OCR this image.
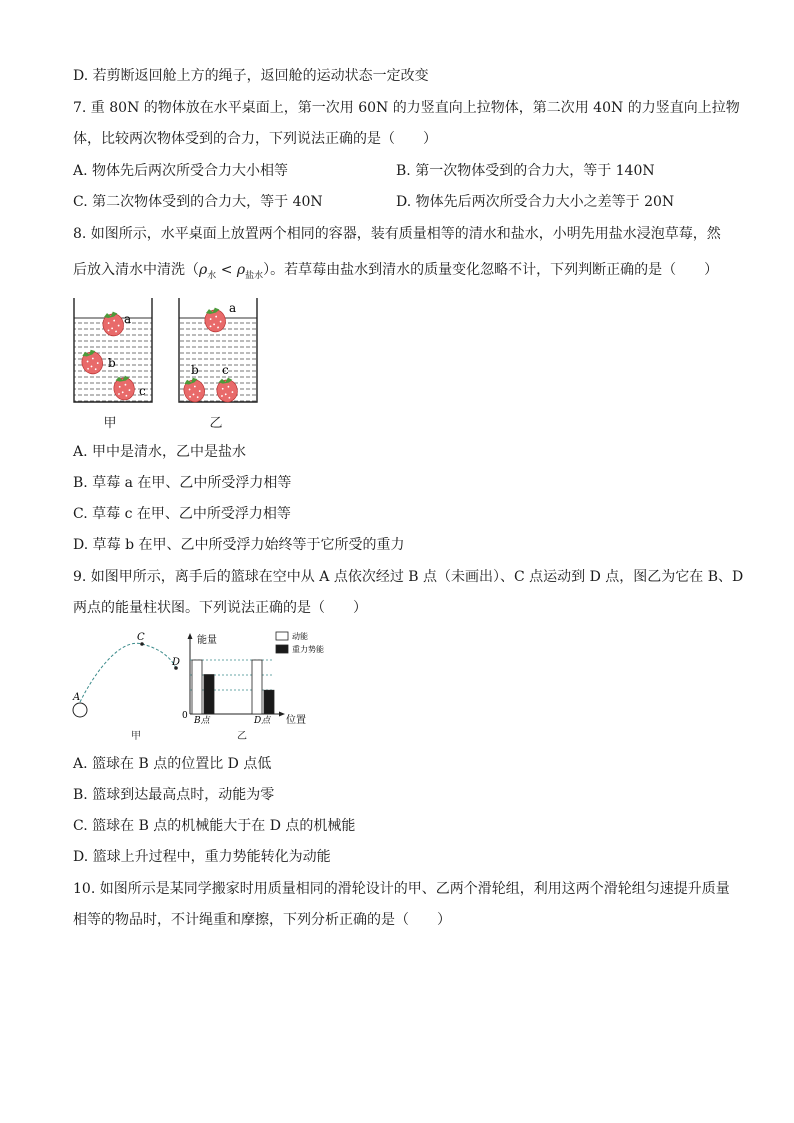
D. 若剪断返回舱上方的绳子，返回舱的运动状态一定改变
7. 重 80N 的物体放在水平桌面上，第一次用 60N 的力竖直向上拉物体，第二次用 40N 的力竖直向上拉物
体，比较两次物体受到的合力，下列说法正确的是（　　）
A. 物体先后两次所受合力大小相等	B. 第一次物体受到的合力大，等于 140N
C. 第二次物体受到的合力大，等于 40N	D. 物体先后两次所受合力大小之差等于 20N
8. 如图所示，水平桌面上放置两个相同的容器，装有质量相等的清水和盐水，小明先用盐水浸泡草莓，然
后放入清水中清洗$(\rho_水 < \rho_{盐水})$。若草莓由盐水到清水的质量变化忽略不计，下列判断正确的是（　　）
a
b
c
a
b c
甲	乙
A. 甲中是清水，乙中是盐水
B. 草莓 a 在甲、乙中所受浮力相等
C. 草莓 c 在甲、乙中所受浮力相等
D. 草莓 b 在甲、乙中所受浮力始终等于它所受的重力
9. 如图甲所示，离手后的篮球在空中从 A 点依次经过 B 点（未画出）、C 点运动到 D 点，图乙为它在 B、D
两点的能量柱状图。下列说法正确的是（　　）
A
C
D
甲
B点	D点
能量
0	位置
动能
重力势能
乙
A. 篮球在 B 点的位置比 D 点低
B. 篮球到达最高点时，动能为零
C. 篮球在 B 点的机械能大于在 D 点的机械能
D. 篮球上升过程中，重力势能转化为动能
10. 如图所示是某同学搬家时用质量相同的滑轮设计的甲、乙两个滑轮组，利用这两个滑轮组匀速提升质量
相等的物品时，不计绳重和摩擦，下列分析正确的是（　　）
